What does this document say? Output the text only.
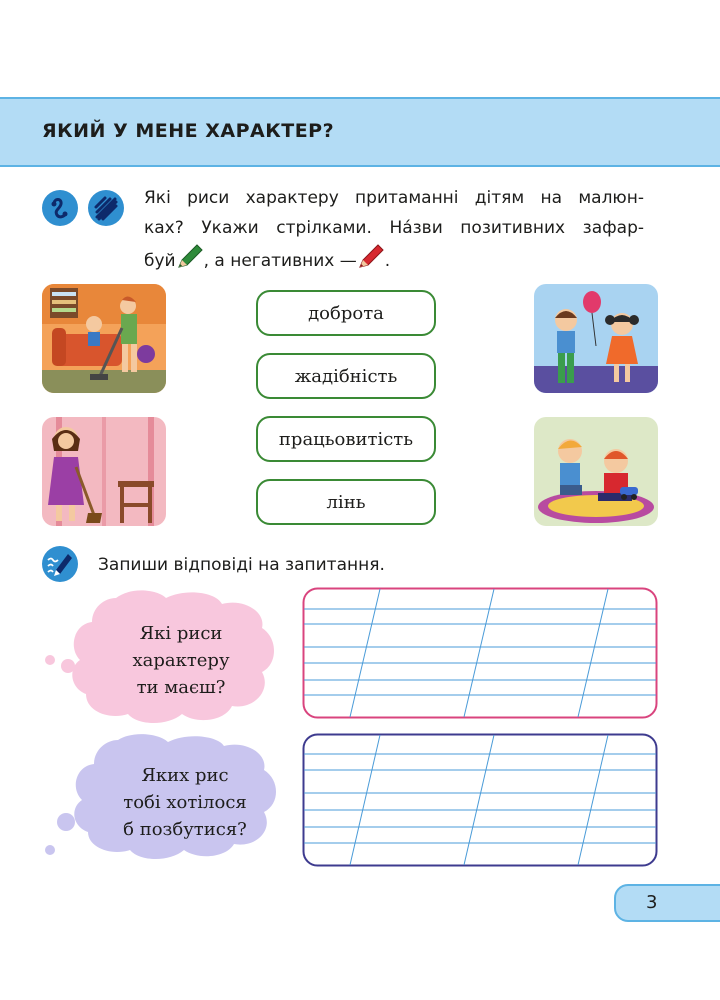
ЯКИЙ У МЕНЕ ХАРАКТЕР?

Які риси характеру притаманні дітям на малюн-

ках? Укажи стрілками. На́зви позитивних зафар-

буй , а негативних — .

доброта
жадібність
працьовитість
лінь
Запиши відповіді на запитання.
Які риси
характеру
ти маєш?
Яких рис
тобі хотілося
б позбутися?
3
